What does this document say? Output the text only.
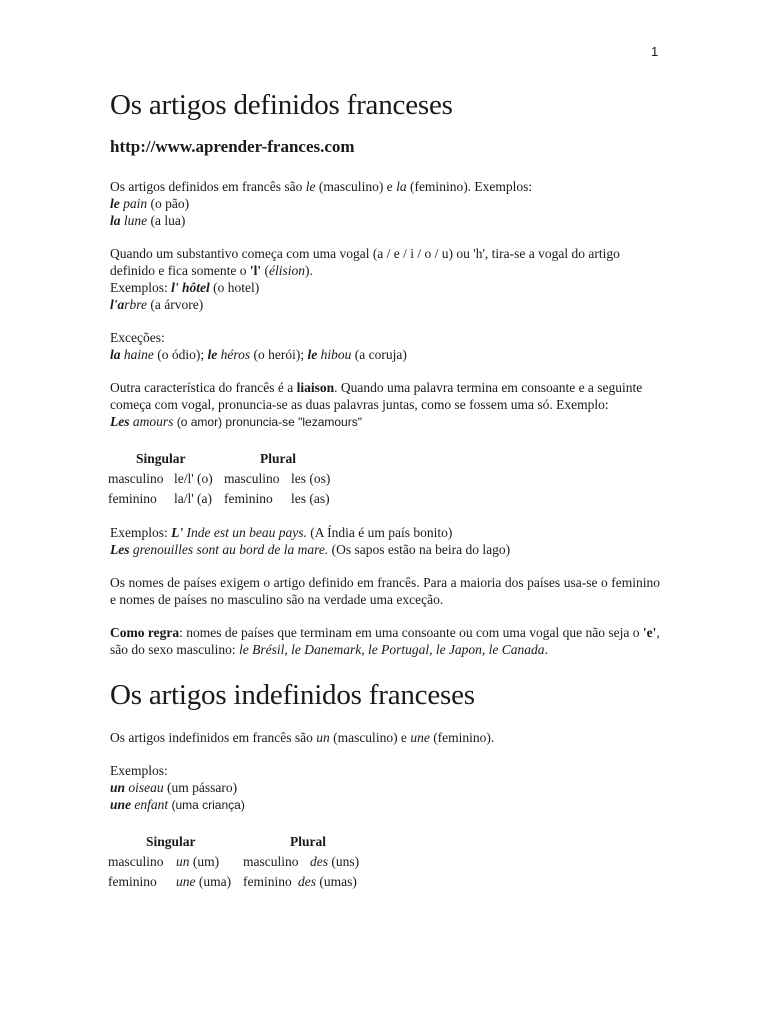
1
Os artigos definidos franceses
http://www.aprender-frances.com

Os artigos definidos em francês são le (masculino) e la (feminino). Exemplos:

le pain (o pão)

la lune (a lua)

Quando um substantivo começa com uma vogal (a / e / i / o / u) ou 'h', tira-se a vogal do artigo definido e fica somente o 'l' (élision).

Exemplos: l' hôtel (o hotel)

l'arbre (a árvore)

Exceções:

la haine (o ódio); le héros (o herói); le hibou (a coruja)

Outra característica do francês é a liaison. Quando uma palavra termina em consoante e a seguinte começa com vogal, pronuncia-se as duas palavras juntas, como se fossem uma só. Exemplo:

Les amours (o amor) pronuncia-se "lezamours"

Singular	Plural
masculino le/l' (o) masculino les (os)
feminino la/l' (a) feminino les (as)

Exemplos: L' Inde est un beau pays. (A Índia é um país bonito)

Les grenouilles sont au bord de la mare. (Os sapos estão na beira do lago)

Os nomes de países exigem o artigo definido em francês. Para a maioria dos países usa-se o feminino e nomes de países no masculino são na verdade uma exceção.

Como regra: nomes de países que terminam em uma consoante ou com uma vogal que não seja o 'e', são do sexo masculino: le Brésil, le Danemark, le Portugal, le Japon, le Canada.

Os artigos indefinidos franceses

Os artigos indefinidos em francês são un (masculino) e une (feminino).

Exemplos:

un oiseau (um pássaro)

une enfant (uma criança)

Singular	Plural
masculino un (um) masculino des (uns)
feminino une (uma) feminino des (umas)
